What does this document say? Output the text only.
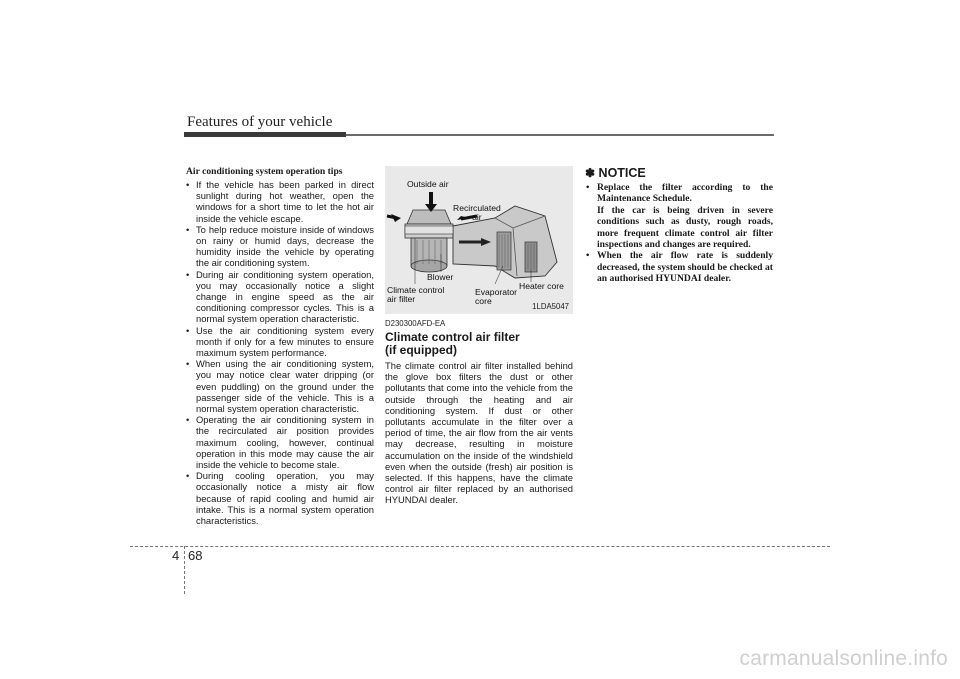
Features of your vehicle

Air conditioning system operation tips

• If the vehicle has been parked in direct sunlight during hot weather, open the windows for a short time to let the hot air inside the vehicle escape.
• To help reduce moisture inside of windows on rainy or humid days, decrease the humidity inside the vehicle by operating the air conditioning system.
• During air conditioning system operation, you may occasionally notice a slight change in engine speed as the air conditioning compressor cycles. This is a normal system operation characteristic.
• Use the air conditioning system every month if only for a few minutes to ensure maximum system performance.
• When using the air conditioning system, you may notice clear water dripping (or even puddling) on the ground under the passenger side of the vehicle. This is a normal system operation characteristic.
• Operating the air conditioning system in the recirculated air position provides maximum cooling, however, continual operation in this mode may cause the air inside the vehicle to become stale.
• During cooling operation, you may occasionally notice a misty air flow because of rapid cooling and humid air intake. This is a normal system operation characteristics.
Outside air
Recirculated
air
Blower
Climate control
air filter
Evaporator
core
Heater core
1LDA5047
D230300AFD-EA
Climate control air filter
(if equipped)

The climate control air filter installed behind the glove box filters the dust or other pollutants that come into the vehicle from the outside through the heating and air conditioning system. If dust or other pollutants accumulate in the filter over a period of time, the air flow from the air vents may decrease, resulting in moisture accumulation on the inside of the windshield even when the outside (fresh) air position is selected. If this happens, have the climate control air filter replaced by an authorised HYUNDAI dealer.

✽ NOTICE
• Replace the filter according to the Maintenance Schedule.
If the car is being driven in severe conditions such as dusty, rough roads, more frequent climate control air filter inspections and changes are required.
• When the air flow rate is suddenly decreased, the system should be checked at an authorised HYUNDAI dealer.
4 68
carmanualsonline.info
